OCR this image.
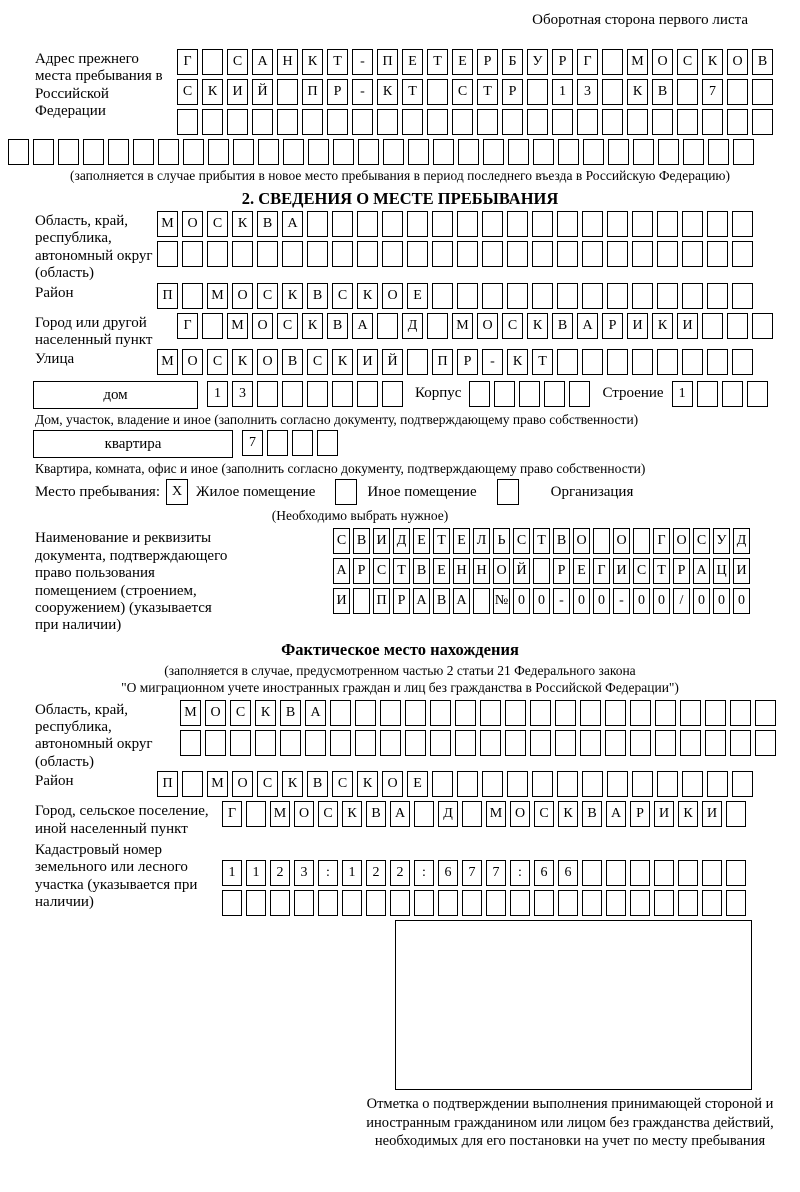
Оборотная сторона первого листа
Адрес прежнего места пребывания в Российской Федерации
Г	С	А	Н	К	Т	-	П	Е	Т	Е	Р	Б	У	Р	Г	М О	С	К	О	В
С	К	И	Й	П	Р	-	К	Т	С	Т	Р	1	3	К	В	7
(заполняется в случае прибытия в новое место пребывания в период последнего въезда в Российскую Федерацию)
2. СВЕДЕНИЯ О МЕСТЕ ПРЕБЫВАНИЯ
Область, край, республика, автономный округ (область)
М О	С	К	В	А
Район	П	М О	С	К	В	С	К	О	Е
Город или другой населенный пункт
Г	М О	С	К	В	А	Д	М О	С	К	В	А	Р	И	К	И
Улица	М О	С	К	О	В	С	К	И	Й	П	Р	-	К	Т
дом	1	3	Корпус	Строение	1
Дом, участок, владение и иное (заполнить согласно документу, подтверждающему право собственности)
квартира	7
Квартира, комната, офис и иное (заполнить согласно документу, подтверждающему право собственности)
Место пребывания: X Жилое помещение	Иное помещение	Организация
(Необходимо выбрать нужное)
Наименование и реквизиты документа, подтверждающего право пользования помещением (строением, сооружением) (указывается при наличии)
С В И Д Е Т Е Л Ь С Т В О О	Г О С У Д
А Р С Т В Е Н Н О Й	Р Е Г И С Т Р А Ц И
И П Р А В А № 0 0	-	0 0	-	0 0	/	0 0 0
Фактическое место нахождения
(заполняется в случае, предусмотренном частью 2 статьи 21 Федерального закона
"О миграционном учете иностранных граждан и лиц без гражданства в Российской Федерации")
Область, край, республика, автономный округ (область)
М О	С	К	В	А
Район	П	М О	С	К	В	С	К	О	Е
Город, сельское поселение, иной населенный пункт
Г	М О	С	К	В	А	Д	М О	С	К	В	А	Р	И	К	И
Кадастровый номер земельного или лесного участка (указывается при наличии)
1	1	2	3	:	1	2	2	:	6	7	7	:	6	6
Отметка о подтверждении выполнения принимающей стороной и иностранным гражданином или лицом без гражданства действий, необходимых для его постановки на учет по месту пребывания
